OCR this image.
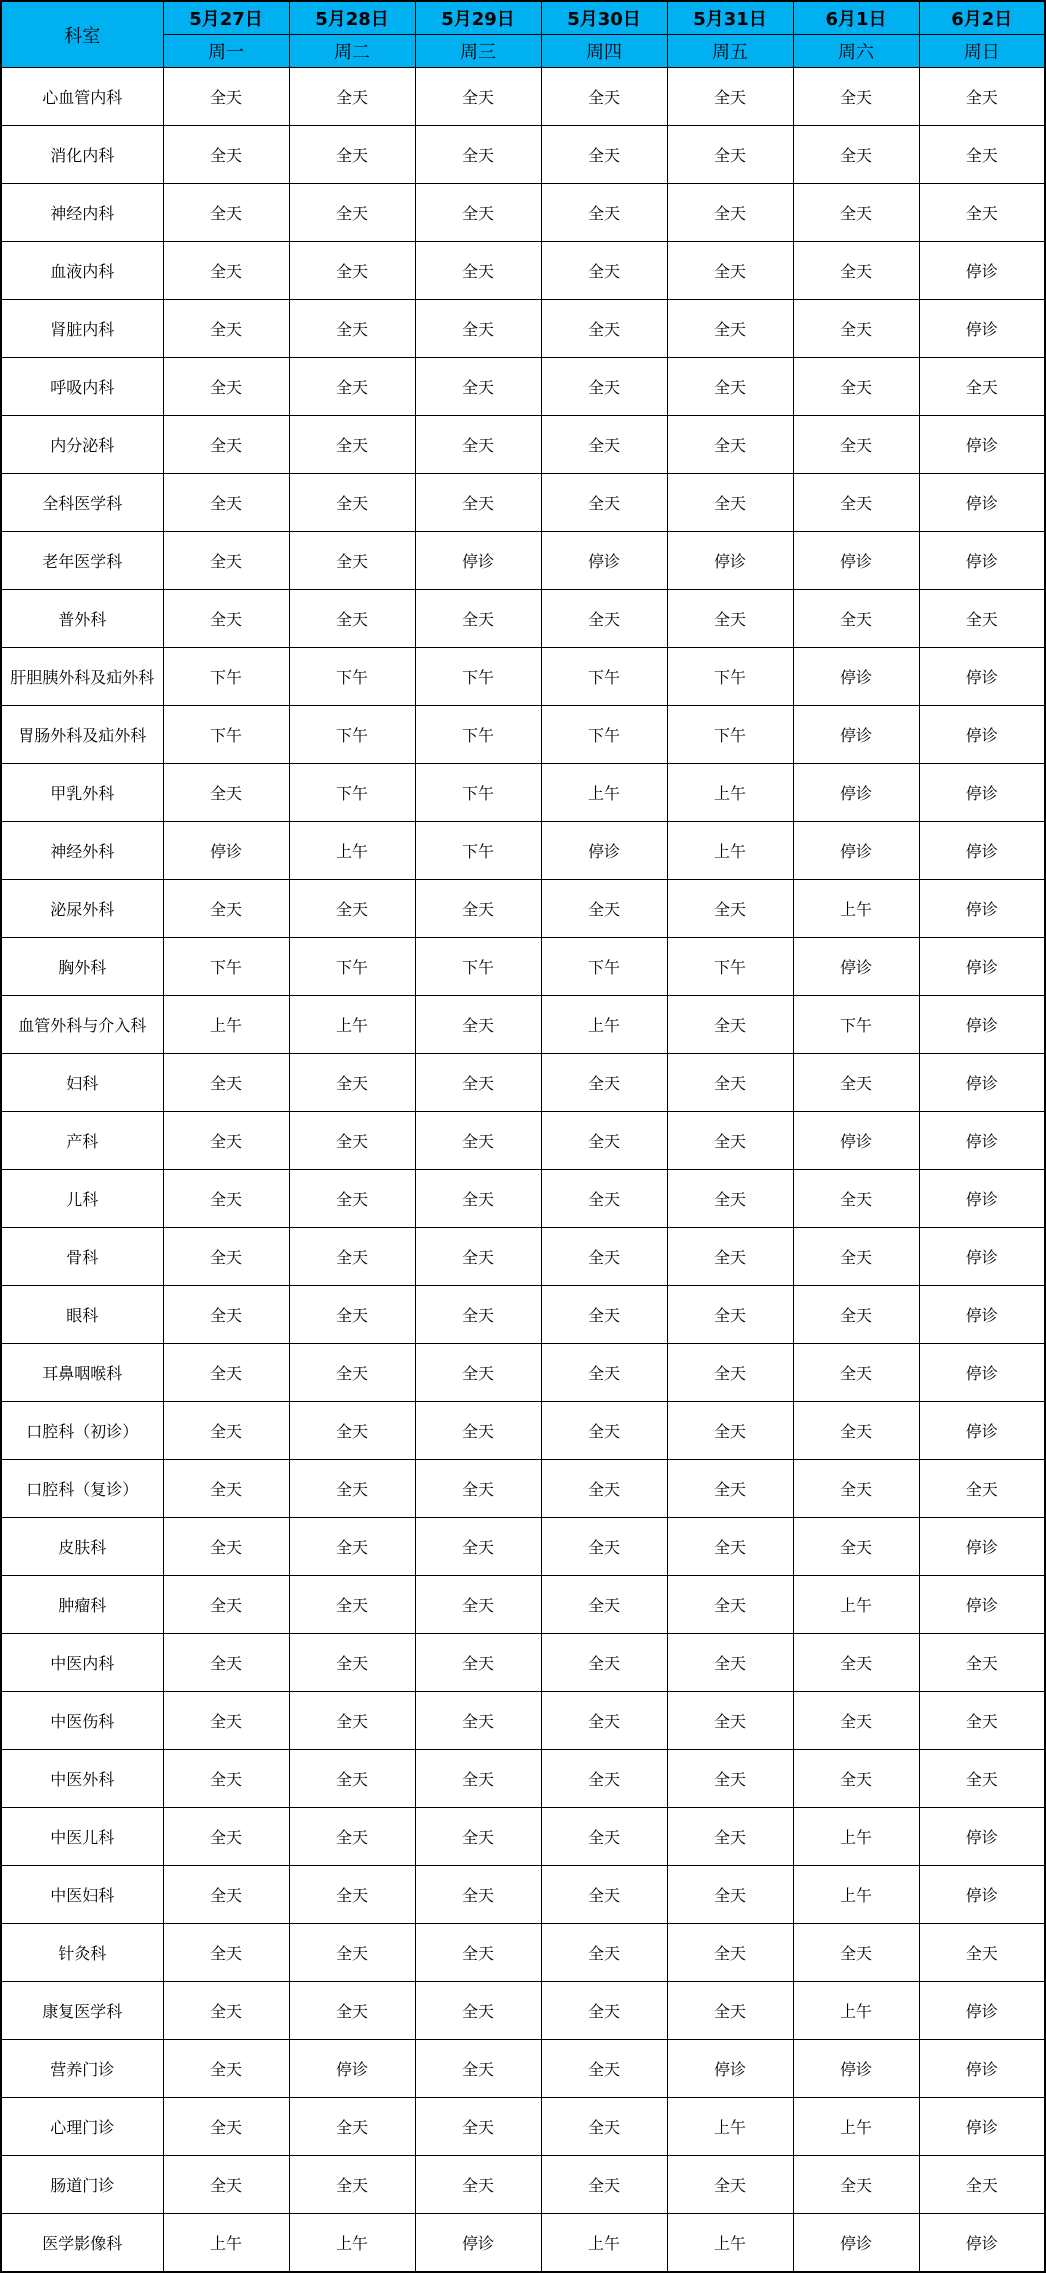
科室	5月27日	5月28日	5月29日	5月30日	5月31日	6月1日	6月2日
	周一	周二	周三	周四	周五	周六	周日
心血管内科	全天	全天	全天	全天	全天	全天	全天
消化内科	全天	全天	全天	全天	全天	全天	全天
神经内科	全天	全天	全天	全天	全天	全天	全天
血液内科	全天	全天	全天	全天	全天	全天	停诊
肾脏内科	全天	全天	全天	全天	全天	全天	停诊
呼吸内科	全天	全天	全天	全天	全天	全天	全天
内分泌科	全天	全天	全天	全天	全天	全天	停诊
全科医学科	全天	全天	全天	全天	全天	全天	停诊
老年医学科	全天	全天	停诊	停诊	停诊	停诊	停诊
普外科	全天	全天	全天	全天	全天	全天	全天
肝胆胰外科及疝外科	下午	下午	下午	下午	下午	停诊	停诊
胃肠外科及疝外科	下午	下午	下午	下午	下午	停诊	停诊
甲乳外科	全天	下午	下午	上午	上午	停诊	停诊
神经外科	停诊	上午	下午	停诊	上午	停诊	停诊
泌尿外科	全天	全天	全天	全天	全天	上午	停诊
胸外科	下午	下午	下午	下午	下午	停诊	停诊
血管外科与介入科	上午	上午	全天	上午	全天	下午	停诊
妇科	全天	全天	全天	全天	全天	全天	停诊
产科	全天	全天	全天	全天	全天	停诊	停诊
儿科	全天	全天	全天	全天	全天	全天	停诊
骨科	全天	全天	全天	全天	全天	全天	停诊
眼科	全天	全天	全天	全天	全天	全天	停诊
耳鼻咽喉科	全天	全天	全天	全天	全天	全天	停诊
口腔科（初诊）	全天	全天	全天	全天	全天	全天	停诊
口腔科（复诊）	全天	全天	全天	全天	全天	全天	全天
皮肤科	全天	全天	全天	全天	全天	全天	停诊
肿瘤科	全天	全天	全天	全天	全天	上午	停诊
中医内科	全天	全天	全天	全天	全天	全天	全天
中医伤科	全天	全天	全天	全天	全天	全天	全天
中医外科	全天	全天	全天	全天	全天	全天	全天
中医儿科	全天	全天	全天	全天	全天	上午	停诊
中医妇科	全天	全天	全天	全天	全天	上午	停诊
针灸科	全天	全天	全天	全天	全天	全天	全天
康复医学科	全天	全天	全天	全天	全天	上午	停诊
营养门诊	全天	停诊	全天	全天	停诊	停诊	停诊
心理门诊	全天	全天	全天	全天	上午	上午	停诊
肠道门诊	全天	全天	全天	全天	全天	全天	全天
医学影像科	上午	上午	停诊	上午	上午	停诊	停诊
